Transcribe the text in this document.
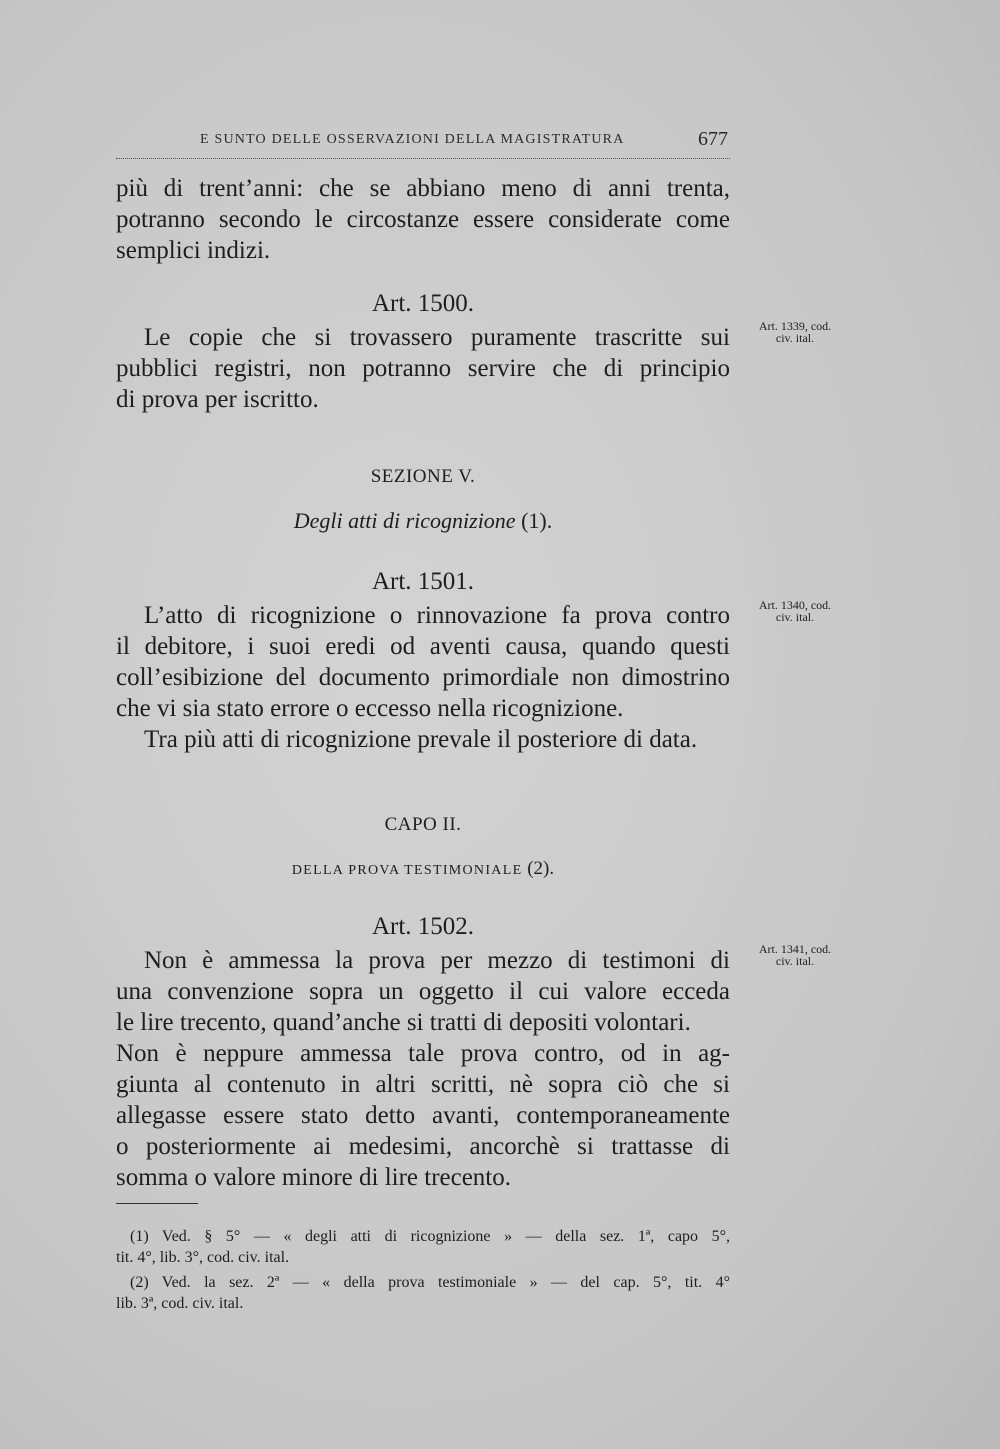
E SUNTO DELLE OSSERVAZIONI DELLA MAGISTRATURA	677
più di trent’anni: che se abbiano meno di anni trenta,
potranno secondo le circostanze essere considerate come
semplici indizi.
Art. 1500.
Art. 1339, cod.
civ. ital.
Le copie che si trovassero puramente trascritte sui
pubblici registri, non potranno servire che di principio
di prova per iscritto.
SEZIONE V.
Degli atti di ricognizione (1).
Art. 1501.
Art. 1340, cod.
civ. ital.
L’atto di ricognizione o rinnovazione fa prova contro
il debitore, i suoi eredi od aventi causa, quando questi
coll’esibizione del documento primordiale non dimostrino
che vi sia stato errore o eccesso nella ricognizione.
Tra più atti di ricognizione prevale il posteriore di data.
CAPO II.
DELLA PROVA TESTIMONIALE (2).
Art. 1502.
Art. 1341, cod.
civ. ital.
Non è ammessa la prova per mezzo di testimoni di
una convenzione sopra un oggetto il cui valore ecceda
le lire trecento, quand’anche si tratti di depositi volontari.
Non è neppure ammessa tale prova contro, od in ag-
giunta al contenuto in altri scritti, nè sopra ciò che si
allegasse essere stato detto avanti, contemporaneamente
o posteriormente ai medesimi, ancorchè si trattasse di
somma o valore minore di lire trecento.
(1) Ved. § 5° — « degli atti di ricognizione » — della sez. 1ª, capo 5°,
tit. 4°, lib. 3°, cod. civ. ital.
(2) Ved. la sez. 2ª — « della prova testimoniale » — del cap. 5°, tit. 4°
lib. 3ª, cod. civ. ital.
